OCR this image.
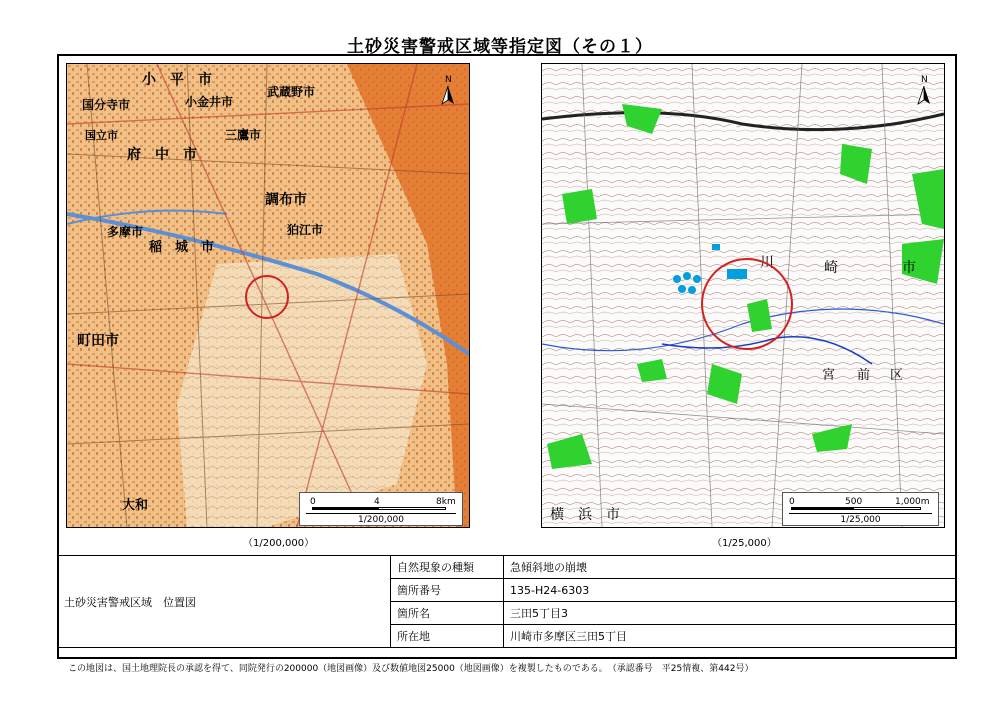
土砂災害警戒区域等指定図（その１）
小　平　市
国分寺市	小金井市
武蔵野市
国立市
府　中　市
三鷹市
調布市
狛江市
多摩市
稲　城　市
町田市
大和
N
0	4	8km
1/200,000
（1/200,000）
川	崎	市
宮 前 区
横　浜　市
N
0	500	1,000m
1/25,000
（1/25,000）
土砂災害警戒区域　位置図	自然現象の種類	急傾斜地の崩壊
	箇所番号	135-H24-6303
	箇所名	三田5丁目3
	所在地	川崎市多摩区三田5丁目
この地図は、国土地理院長の承認を得て、同院発行の200000（地図画像）及び数値地図25000（地図画像）を複製したものである。　（承認番号　平25情複、第442号）
